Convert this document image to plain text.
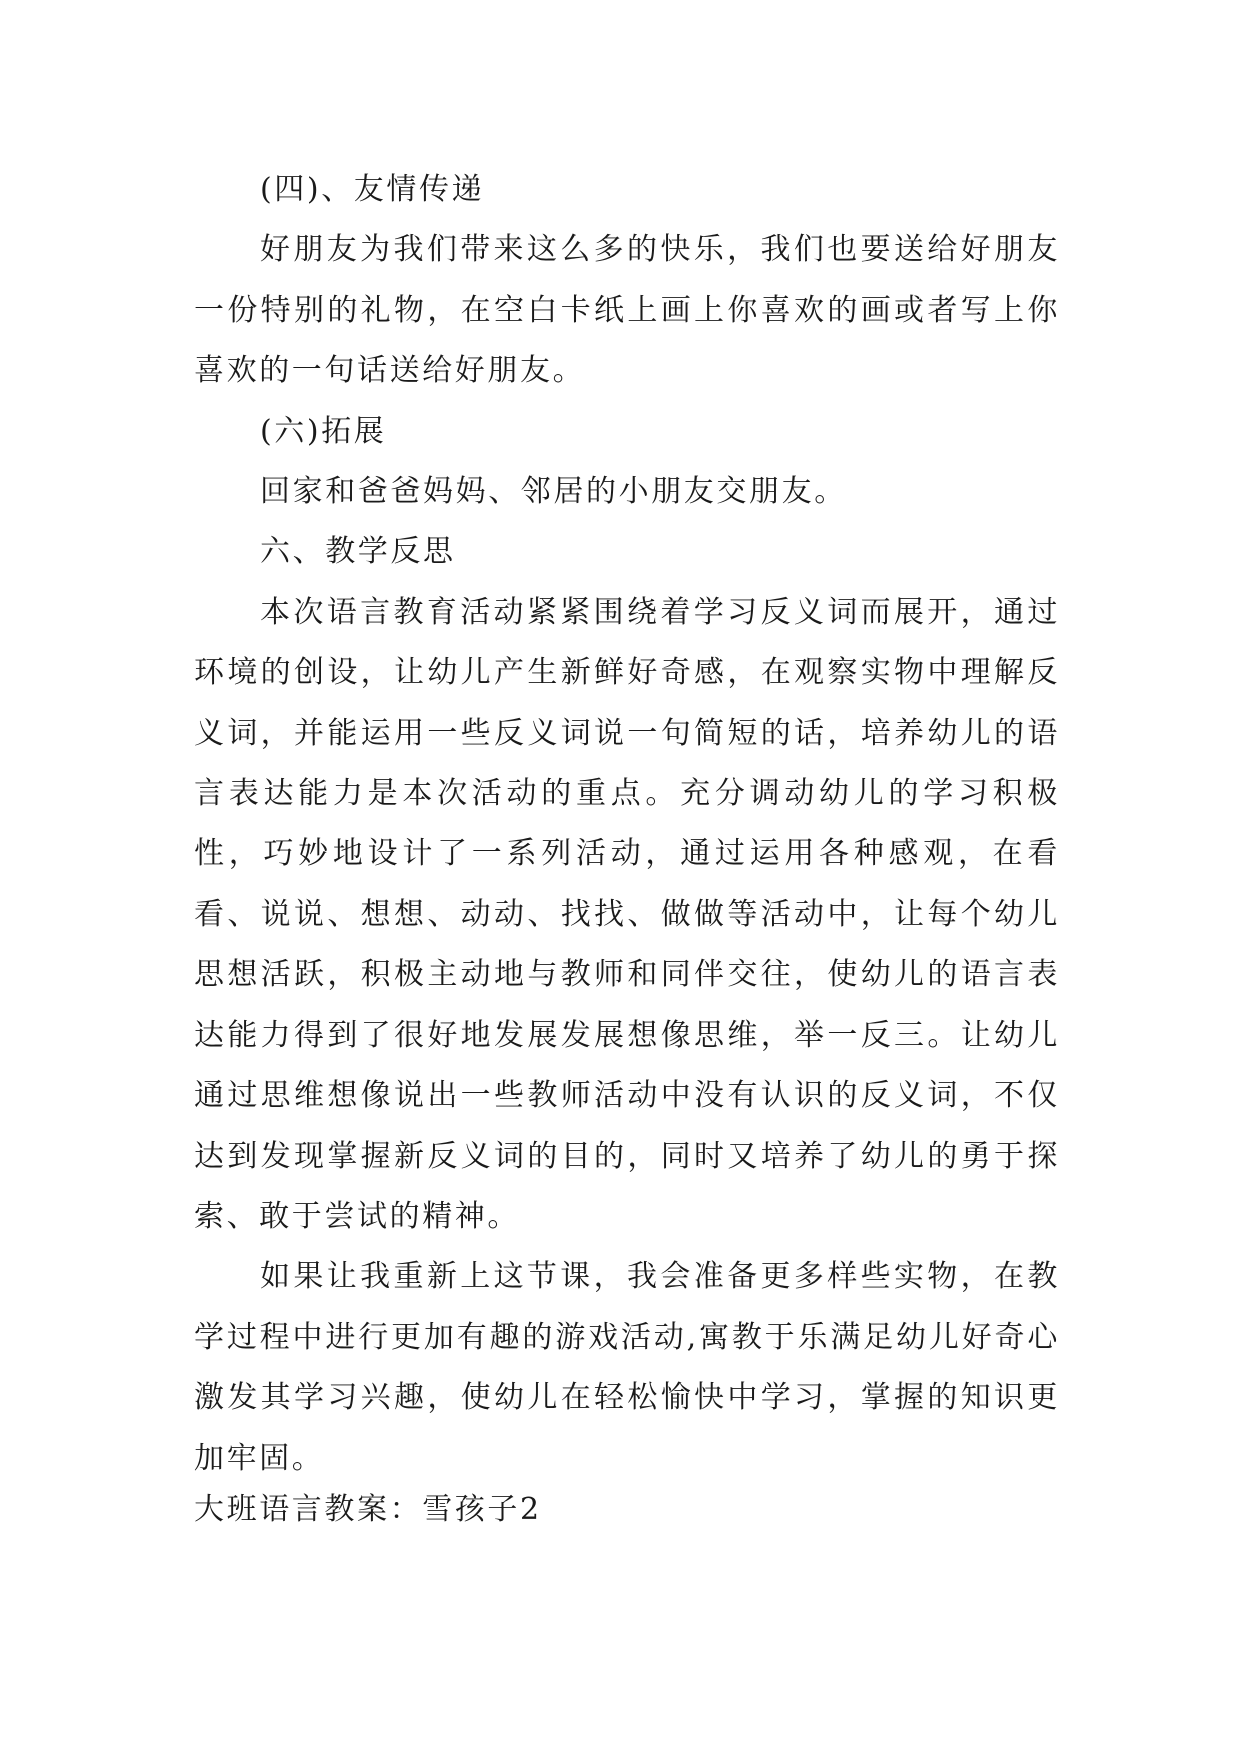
(四)、友情传递

好朋友为我们带来这么多的快乐，我们也要送给好朋友一份特别的礼物，在空白卡纸上画上你喜欢的画或者写上你喜欢的一句话送给好朋友。

(六)拓展

回家和爸爸妈妈、邻居的小朋友交朋友。

六、教学反思

本次语言教育活动紧紧围绕着学习反义词而展开，通过环境的创设，让幼儿产生新鲜好奇感，在观察实物中理解反义词，并能运用一些反义词说一句简短的话，培养幼儿的语言表达能力是本次活动的重点。充分调动幼儿的学习积极性，巧妙地设计了一系列活动，通过运用各种感观，在看看、说说、想想、动动、找找、做做等活动中，让每个幼儿思想活跃，积极主动地与教师和同伴交往，使幼儿的语言表达能力得到了很好地发展发展想像思维，举一反三。让幼儿通过思维想像说出一些教师活动中没有认识的反义词，不仅达到发现掌握新反义词的目的，同时又培养了幼儿的勇于探索、敢于尝试的精神。

如果让我重新上这节课，我会准备更多样些实物，在教学过程中进行更加有趣的游戏活动,寓教于乐满足幼儿好奇心激发其学习兴趣，使幼儿在轻松愉快中学习，掌握的知识更加牢固。

大班语言教案：雪孩子2
